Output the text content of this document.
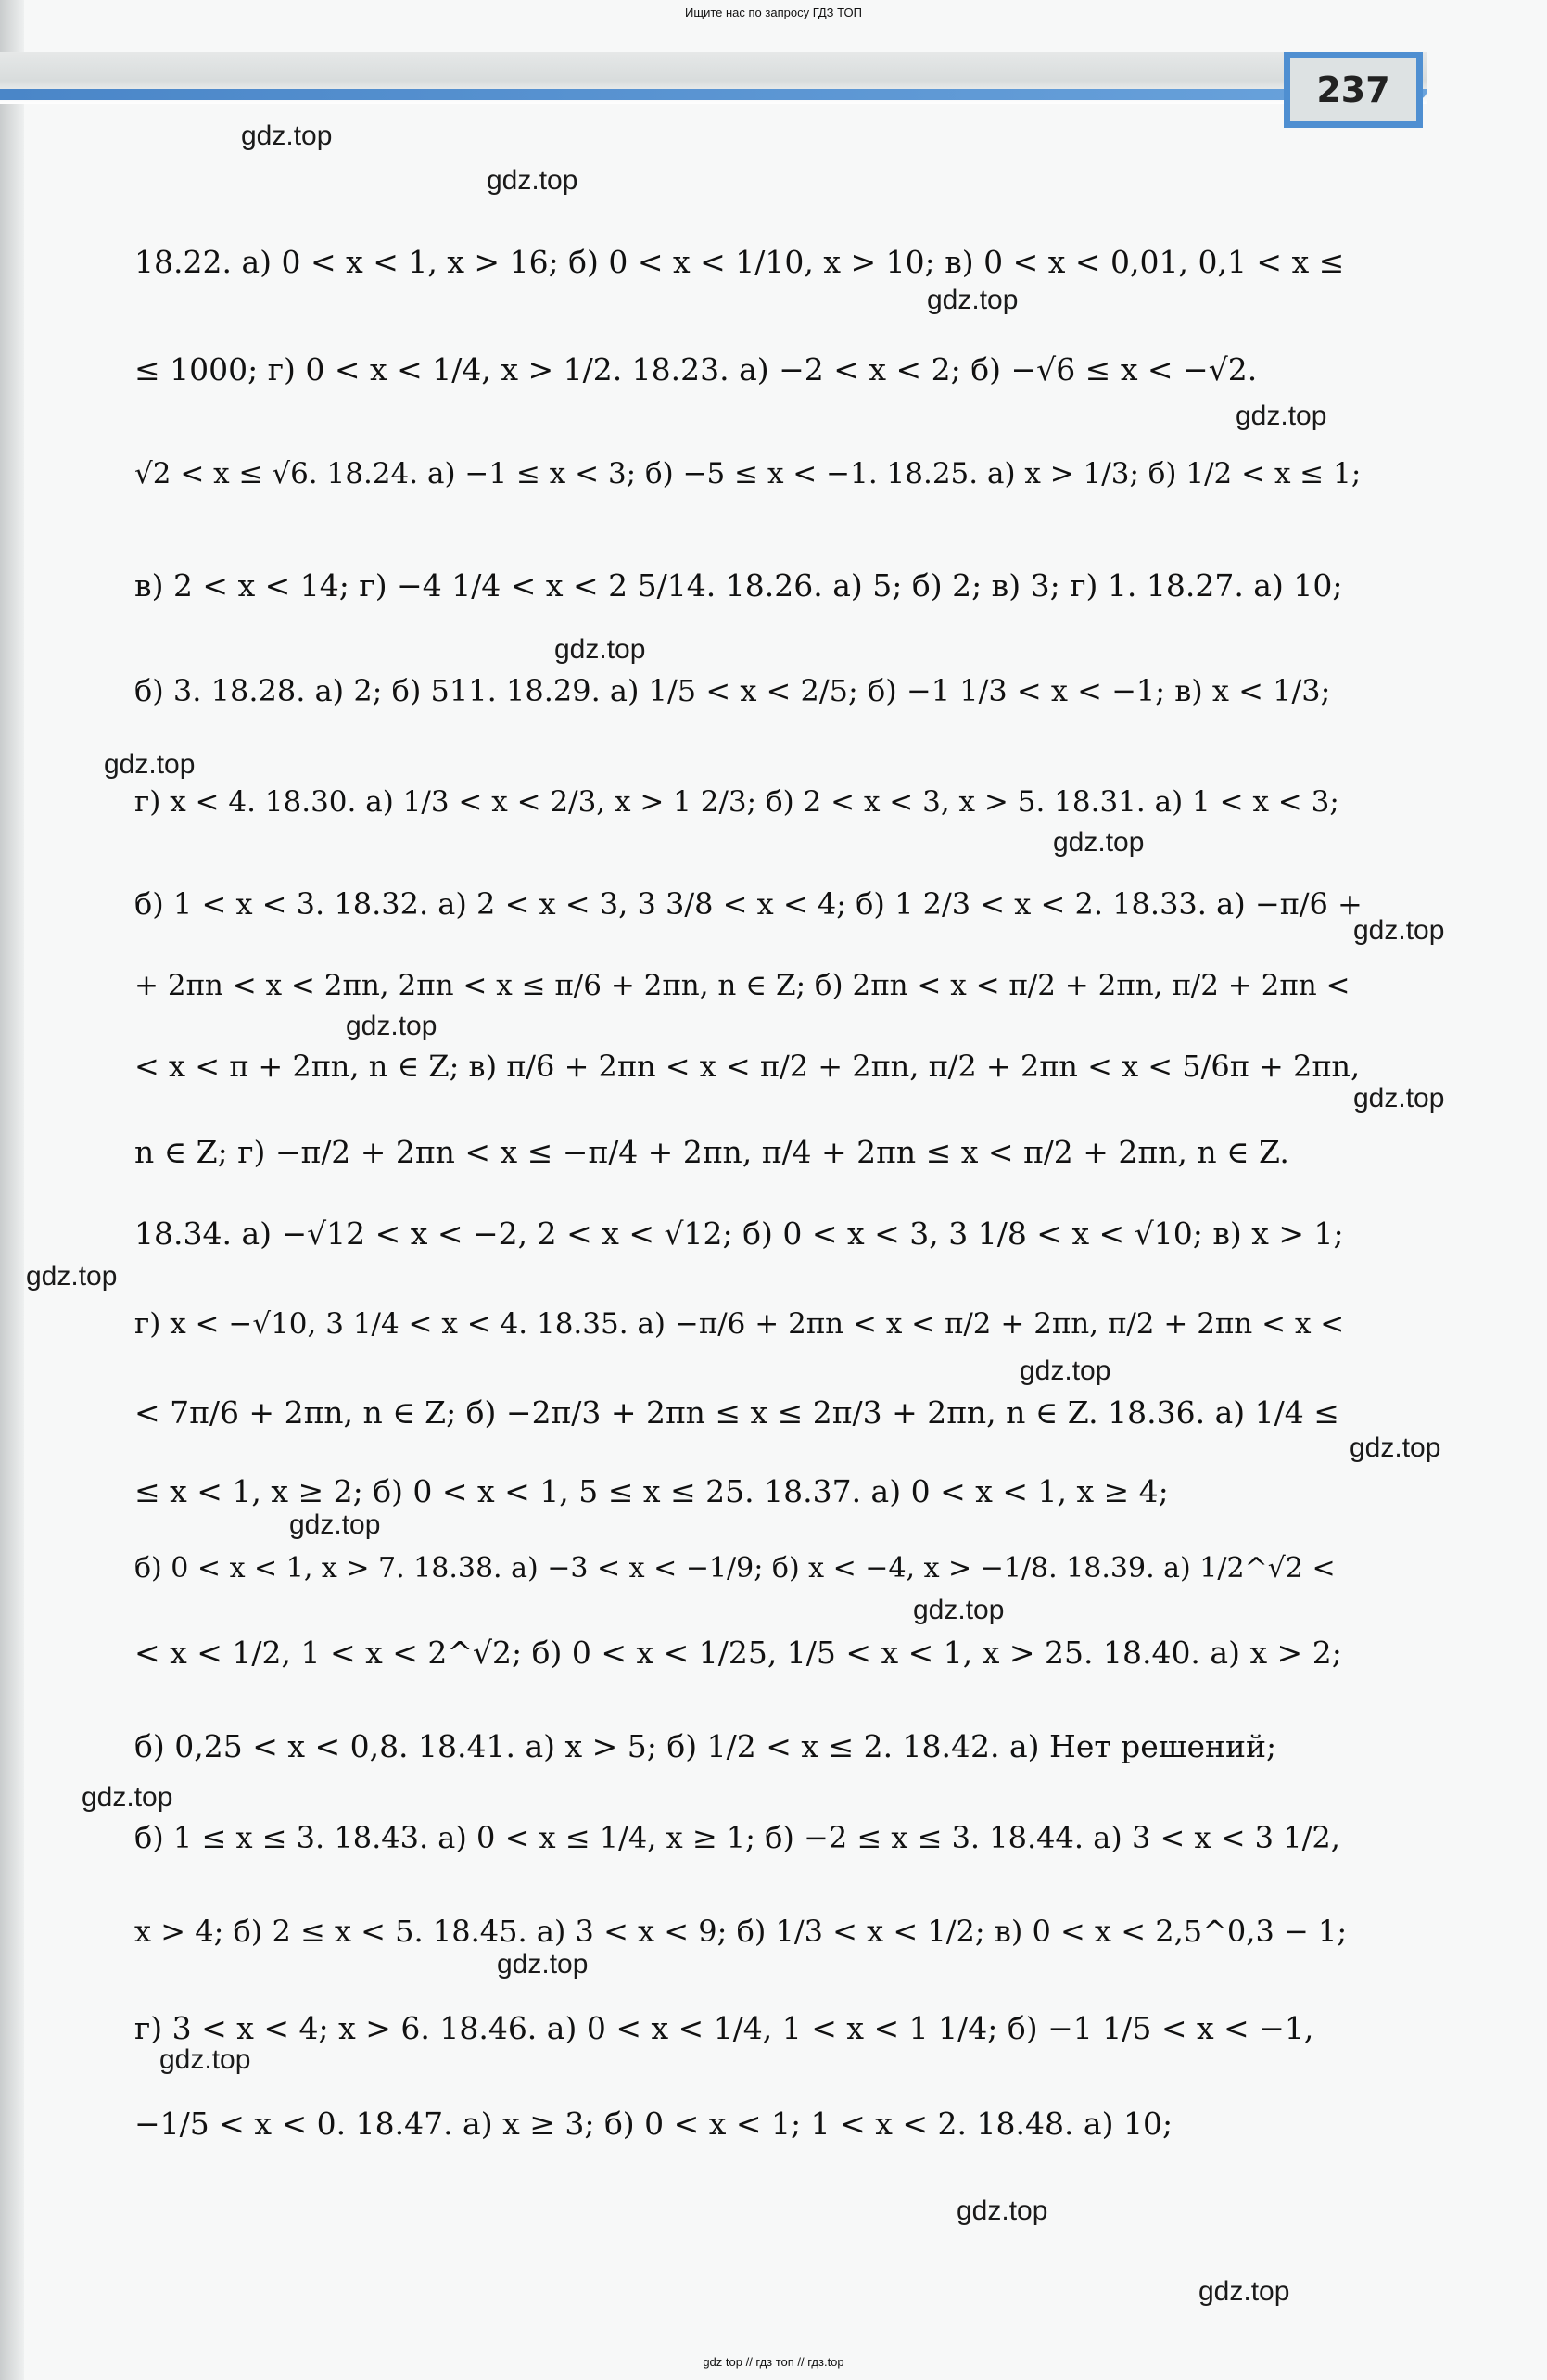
Ищите нас по запросу ГДЗ ТОП
237
gdz.top
gdz.top
gdz.top
gdz.top
gdz.top
gdz.top
gdz.top
gdz.top
gdz.top
gdz.top
gdz.top
gdz.top
gdz.top
gdz.top
gdz.top
gdz.top
gdz.top
gdz.top
gdz.top
gdz.top
18.22. а) 0 < x < 1, x > 16; б) 0 < x < 1/10, x > 10; в) 0 < x < 0,01, 0,1 < x ≤
≤ 1000; г) 0 < x < 1/4, x > 1/2. 18.23. а) −2 < x < 2; б) −√6 ≤ x < −√2.
√2 < x ≤ √6. 18.24. а) −1 ≤ x < 3; б) −5 ≤ x < −1. 18.25. а) x > 1/3; б) 1/2 < x ≤ 1;
в) 2 < x < 14; г) −4 1/4 < x < 2 5/14. 18.26. а) 5; б) 2; в) 3; г) 1. 18.27. а) 10;
б) 3. 18.28. а) 2; б) 511. 18.29. а) 1/5 < x < 2/5; б) −1 1/3 < x < −1; в) x < 1/3;
г) x < 4. 18.30. а) 1/3 < x < 2/3, x > 1 2/3; б) 2 < x < 3, x > 5. 18.31. а) 1 < x < 3;
б) 1 < x < 3. 18.32. а) 2 < x < 3, 3 3/8 < x < 4; б) 1 2/3 < x < 2. 18.33. а) −π/6 +
+ 2πn < x < 2πn, 2πn < x ≤ π/6 + 2πn, n ∈ Z; б) 2πn < x < π/2 + 2πn, π/2 + 2πn <
< x < π + 2πn, n ∈ Z; в) π/6 + 2πn < x < π/2 + 2πn, π/2 + 2πn < x < 5/6π + 2πn,
n ∈ Z; г) −π/2 + 2πn < x ≤ −π/4 + 2πn, π/4 + 2πn ≤ x < π/2 + 2πn, n ∈ Z.
18.34. а) −√12 < x < −2, 2 < x < √12; б) 0 < x < 3, 3 1/8 < x < √10; в) x > 1;
г) x < −√10, 3 1/4 < x < 4. 18.35. а) −π/6 + 2πn < x < π/2 + 2πn, π/2 + 2πn < x <
< 7π/6 + 2πn, n ∈ Z; б) −2π/3 + 2πn ≤ x ≤ 2π/3 + 2πn, n ∈ Z. 18.36. а) 1/4 ≤
≤ x < 1, x ≥ 2; б) 0 < x < 1, 5 ≤ x ≤ 25. 18.37. а) 0 < x < 1, x ≥ 4;
б) 0 < x < 1, x > 7. 18.38. а) −3 < x < −1/9; б) x < −4, x > −1/8. 18.39. а) 1/2^√2 <
< x < 1/2, 1 < x < 2^√2; б) 0 < x < 1/25, 1/5 < x < 1, x > 25. 18.40. а) x > 2;
б) 0,25 < x < 0,8. 18.41. а) x > 5; б) 1/2 < x ≤ 2. 18.42. а) Нет решений;
б) 1 ≤ x ≤ 3. 18.43. а) 0 < x ≤ 1/4, x ≥ 1; б) −2 ≤ x ≤ 3. 18.44. а) 3 < x < 3 1/2,
x > 4; б) 2 ≤ x < 5. 18.45. а) 3 < x < 9; б) 1/3 < x < 1/2; в) 0 < x < 2,5^0,3 − 1;
г) 3 < x < 4; x > 6. 18.46. а) 0 < x < 1/4, 1 < x < 1 1/4; б) −1 1/5 < x < −1,
−1/5 < x < 0. 18.47. а) x ≥ 3; б) 0 < x < 1; 1 < x < 2. 18.48. а) 10;
gdz top // гдз топ // гдз.top
